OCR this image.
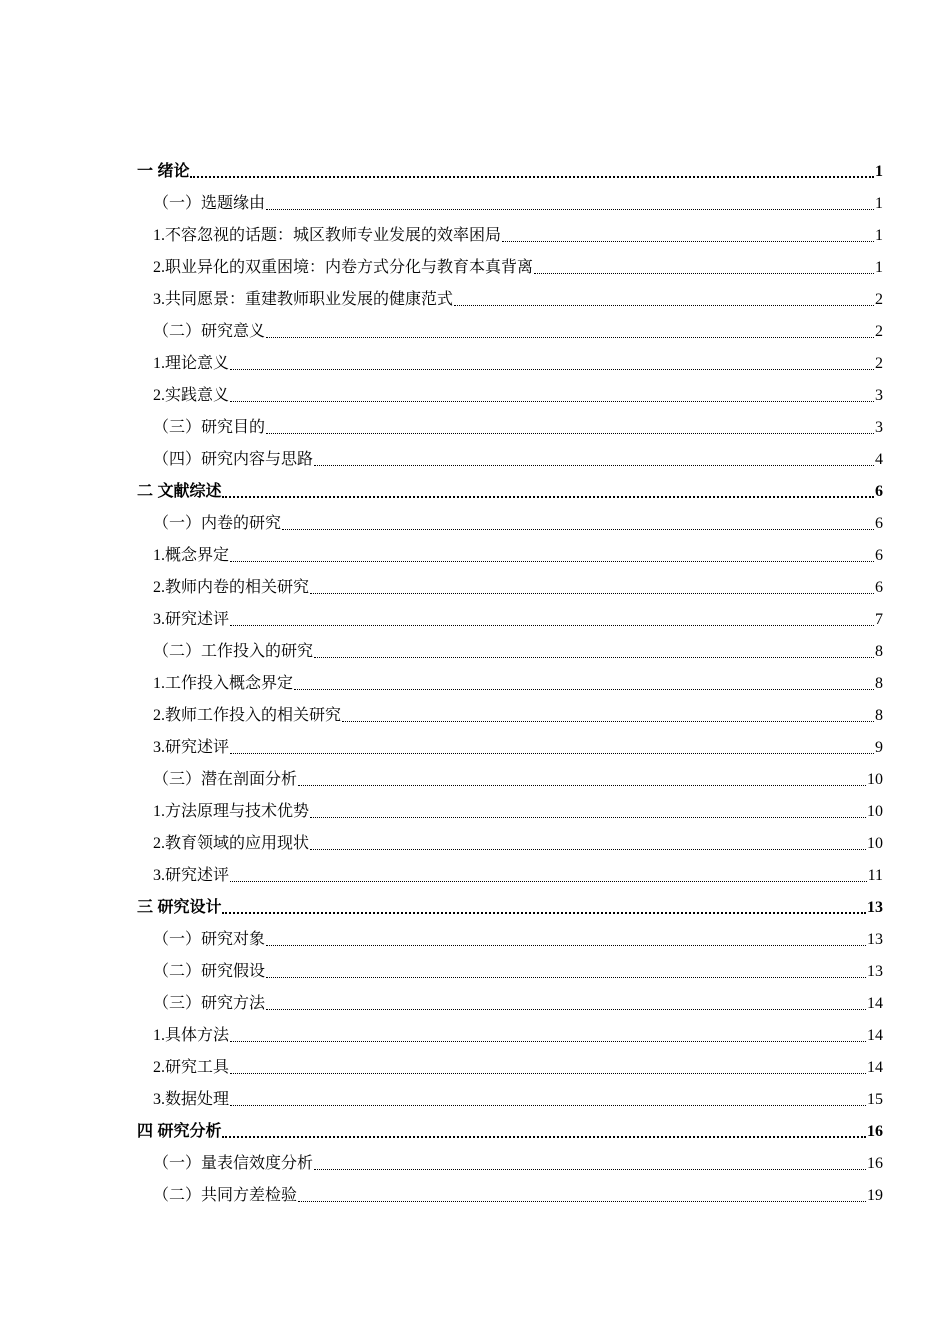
一 绪论	1
（一）选题缘由	1
1.不容忽视的话题：城区教师专业发展的效率困局	1
2.职业异化的双重困境：内卷方式分化与教育本真背离	1
3.共同愿景：重建教师职业发展的健康范式	2
（二）研究意义	2
1.理论意义	2
2.实践意义	3
（三）研究目的	3
（四）研究内容与思路	4
二 文献综述	6
（一）内卷的研究	6
1.概念界定	6
2.教师内卷的相关研究	6
3.研究述评	7
（二）工作投入的研究	8
1.工作投入概念界定	8
2.教师工作投入的相关研究	8
3.研究述评	9
（三）潜在剖面分析	10
1.方法原理与技术优势	10
2.教育领域的应用现状	10
3.研究述评	11
三 研究设计	13
（一）研究对象	13
（二）研究假设	13
（三）研究方法	14
1.具体方法	14
2.研究工具	14
3.数据处理	15
四 研究分析	16
（一）量表信效度分析	16
（二）共同方差检验	19
